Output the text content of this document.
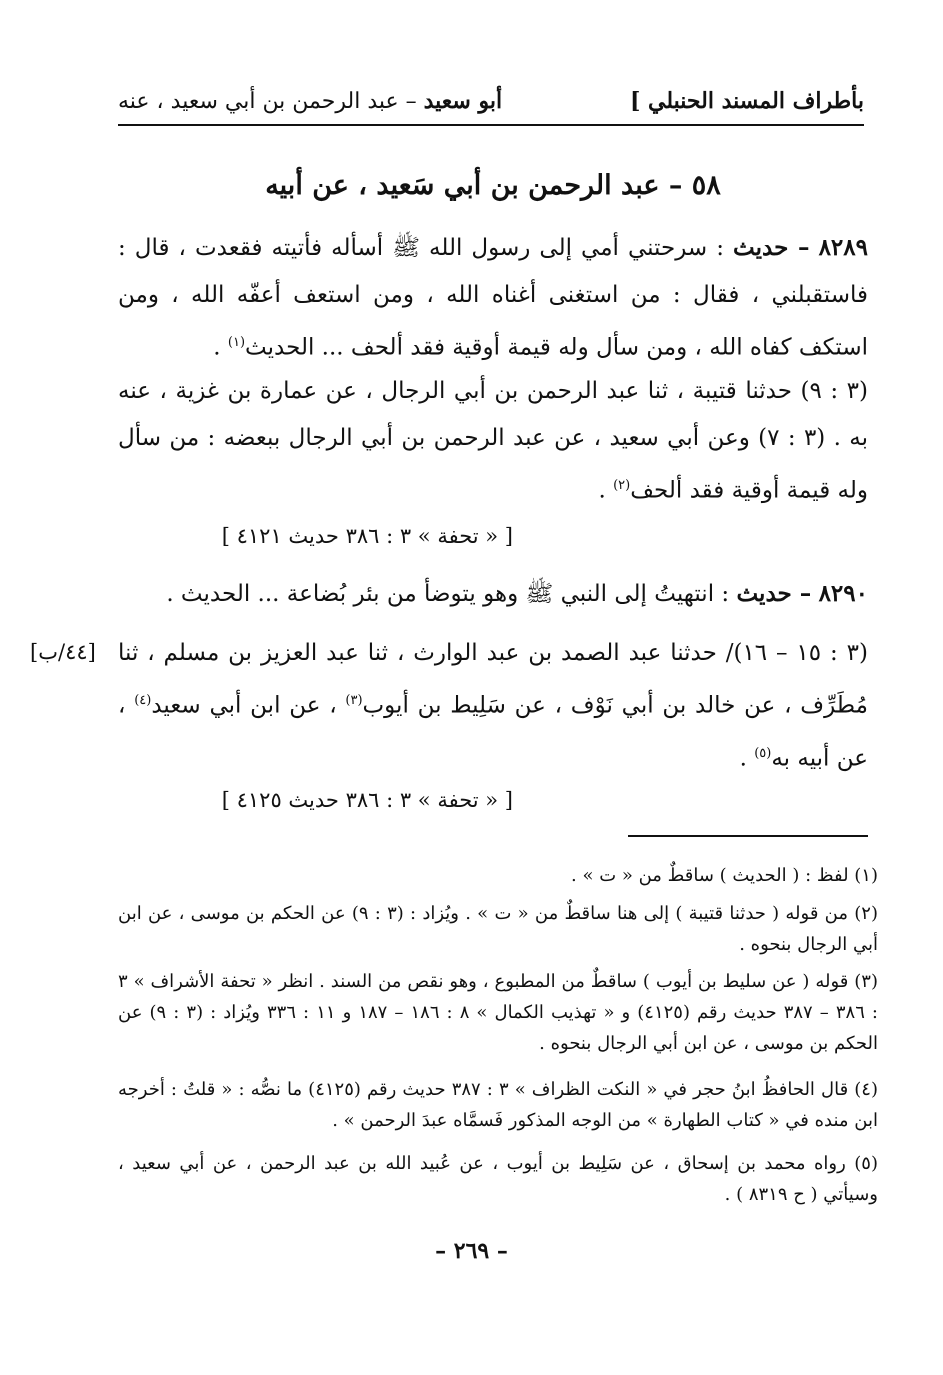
بأطراف المسند الحنبلي ]
أبو سعيد – عبد الرحمن بن أبي سعيد ، عنه
٥٨ – عبد الرحمن بن أبي سَعيد ، عن أبيه
٨٢٨٩ – حديث : سرحتني أمي إلى رسول الله ﷺ أسأله فأتيته فقعدت ، قال : فاستقبلني ، فقال : من استغنى أغناه الله ، ومن استعف أعفّه الله ، ومن استكف كفاه الله ، ومن سأل وله قيمة أوقية فقد ألحف ... الحديث$^{(١)}$ .
(٣ : ٩) حدثنا قتيبة ، ثنا عبد الرحمن بن أبي الرجال ، عن عمارة بن غزية ، عنه به . (٣ : ٧) وعن أبي سعيد ، عن عبد الرحمن بن أبي الرجال ببعضه : من سأل وله قيمة أوقية فقد ألحف$^{(٢)}$ .
[ « تحفة » ٣ : ٣٨٦ حديث ٤١٢١ ]
٨٢٩٠ – حديث : انتهيتُ إلى النبي ﷺ وهو يتوضأ من بئر بُضاعة ... الحديث .
[٤٤/ب] (٣ : ١٥ – ١٦)/ حدثنا عبد الصمد بن عبد الوارث ، ثنا عبد العزيز بن مسلم ، ثنا مُطَرِّف ، عن خالد بن أبي نَوْف ، عن سَلِيط بن أيوب$^{(٣)}$ ، عن ابن أبي سعيد$^{(٤)}$ ، عن أبيه به$^{(٥)}$ .
[ « تحفة » ٣ : ٣٨٦ حديث ٤١٢٥ ]
(١) لفظ : ( الحديث ) ساقطٌ من « ت » .
(٢) من قوله ( حدثنا قتيبة ) إلى هنا ساقطٌ من « ت » . ويُزاد : (٣ : ٩) عن الحكم بن موسى ، عن ابن أبي الرجال بنحوه .
(٣) قوله ( عن سليط بن أيوب ) ساقطٌ من المطبوع ، وهو نقص من السند . انظر « تحفة الأشراف » ٣ : ٣٨٦ – ٣٨٧ حديث رقم (٤١٢٥) و « تهذيب الكمال » ٨ : ١٨٦ – ١٨٧ و ١١ : ٣٣٦ ويُزاد : (٣ : ٩) عن الحكم بن موسى ، عن ابن أبي الرجال بنحوه .
(٤) قال الحافظُ ابنُ حجر في « النكت الظراف » ٣ : ٣٨٧ حديث رقم (٤١٢٥) ما نصُّه : « قلتُ : أخرجه ابن منده في « كتاب الطهارة » من الوجه المذكور فَسمَّاه عبدَ الرحمن » .
(٥) رواه محمد بن إسحاق ، عن سَلِيط بن أيوب ، عن عُبيد الله بن عبد الرحمن ، عن أبي سعيد ، وسيأتي ( ح ٨٣١٩ ) .
– ٢٦٩ –
